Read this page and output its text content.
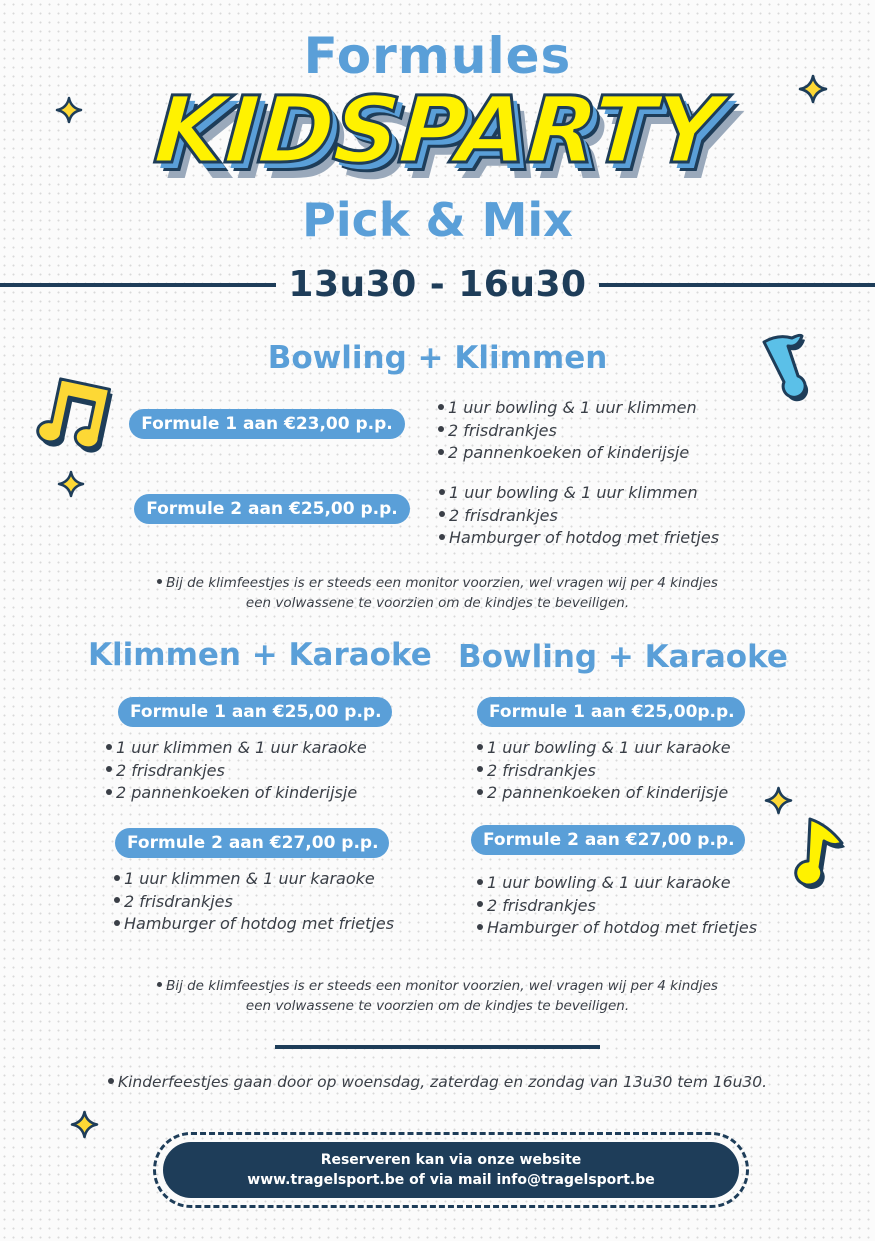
Formules
KIDSPARTY
Pick & Mix
13u30 - 16u30
Bowling + Klimmen
Formule 1 aan €23,00 p.p.
1 uur bowling & 1 uur klimmen
2 frisdrankjes
2 pannenkoeken of kinderijsje
Formule 2 aan €25,00 p.p.
1 uur bowling & 1 uur klimmen
2 frisdrankjes
Hamburger of hotdog met frietjes
Bij de klimfeestjes is er steeds een monitor voorzien, wel vragen wij per 4 kindjes
een volwassene te voorzien om de kindjes te beveiligen.
Klimmen + Karaoke
Formule 1 aan €25,00 p.p.
1 uur klimmen & 1 uur karaoke
2 frisdrankjes
2 pannenkoeken of kinderijsje
Formule 2 aan €27,00 p.p.
1 uur klimmen & 1 uur karaoke
2 frisdrankjes
Hamburger of hotdog met frietjes
Bowling + Karaoke
Formule 1 aan €25,00p.p.
1 uur bowling & 1 uur karaoke
2 frisdrankjes
2 pannenkoeken of kinderijsje
Formule 2 aan €27,00 p.p.
1 uur bowling & 1 uur karaoke
2 frisdrankjes
Hamburger of hotdog met frietjes
Bij de klimfeestjes is er steeds een monitor voorzien, wel vragen wij per 4 kindjes
een volwassene te voorzien om de kindjes te beveiligen.
Kinderfeestjes gaan door op woensdag, zaterdag en zondag van 13u30 tem 16u30.
Reserveren kan via onze website
www.tragelsport.be of via mail info@tragelsport.be
